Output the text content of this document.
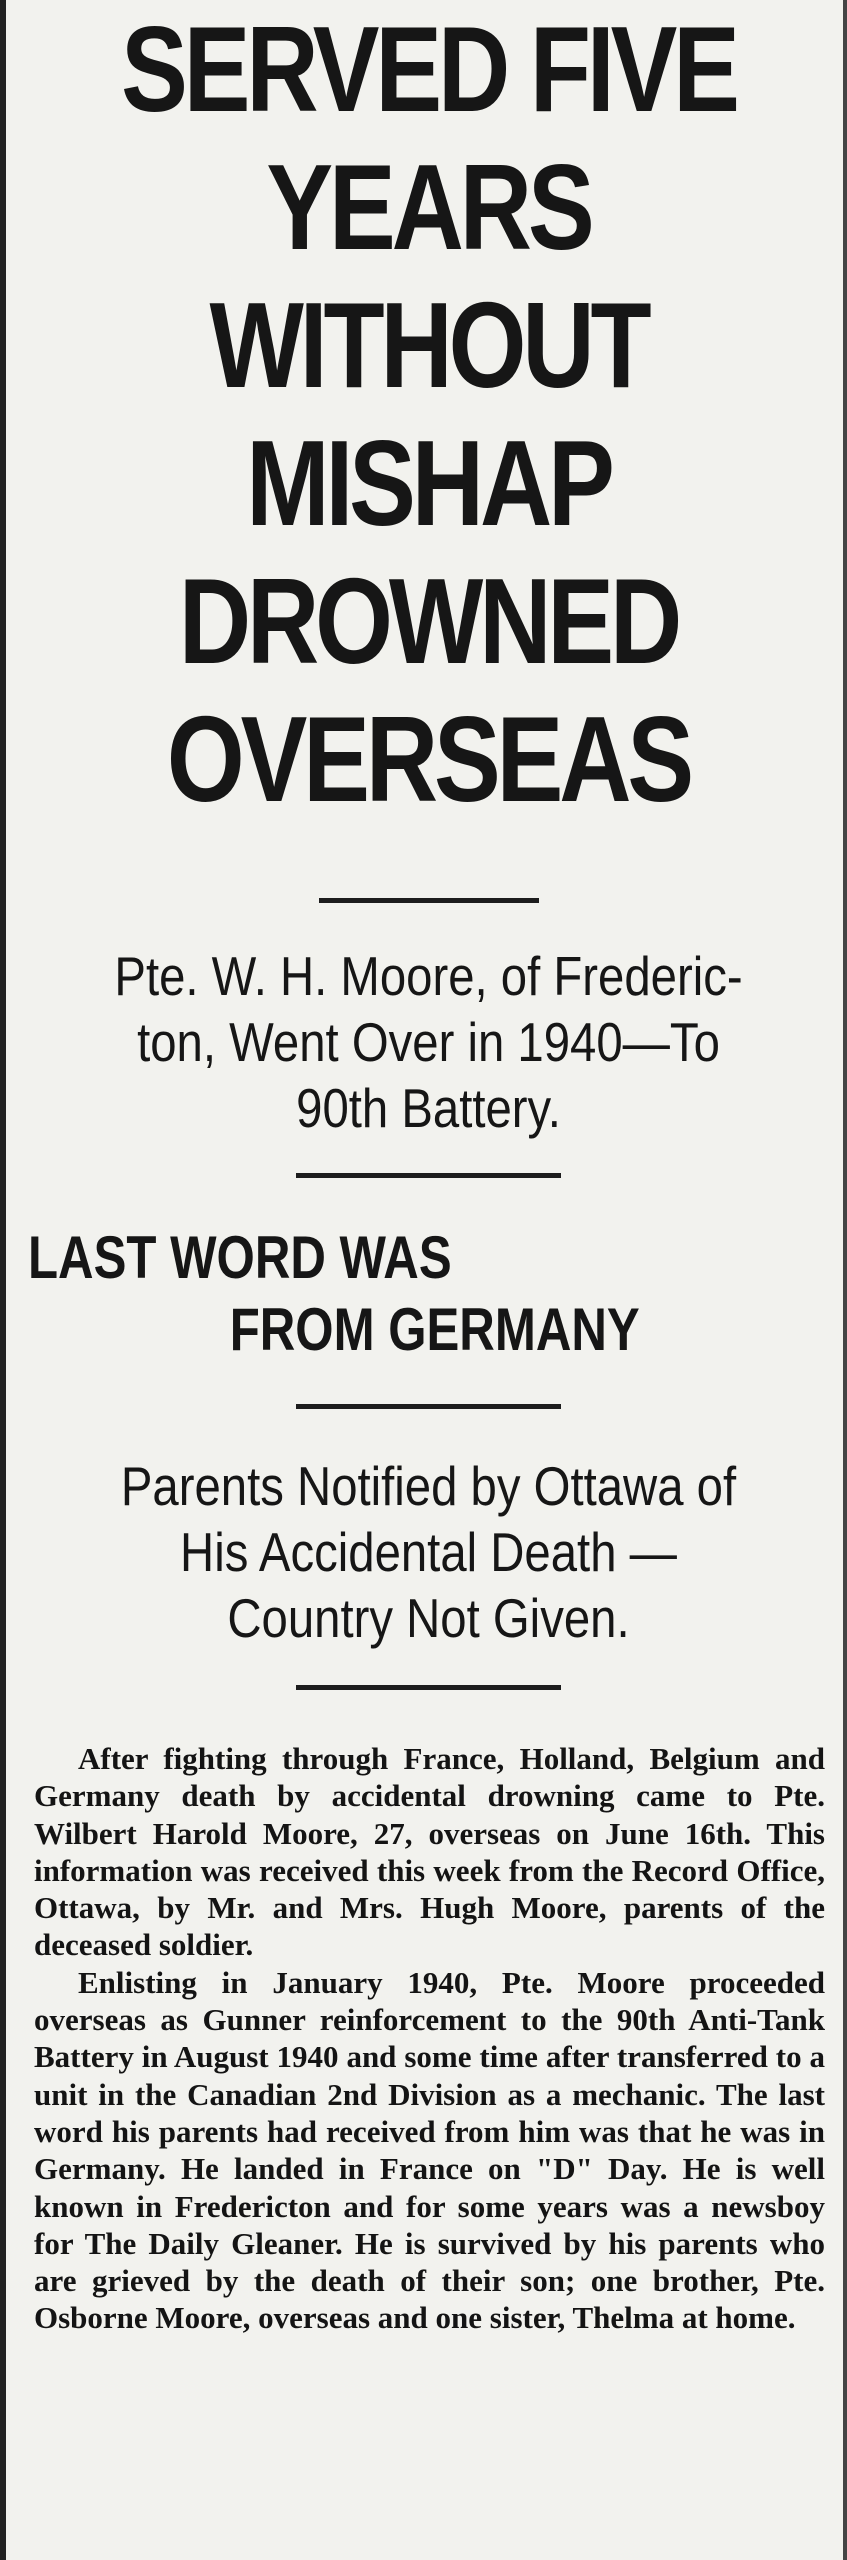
SERVED FIVE YEARS
WITHOUT MISHAP
DROWNED OVERSEAS
Pte. W. H. Moore, of Frederic-
ton, Went Over in 1940—To
90th Battery.
LAST WORD WAS
FROM GERMANY
Parents Notified by Ottawa of
His Accidental Death —
Country Not Given.

After fighting through France, Holland, Belgium and Germany death by accidental drowning came to Pte. Wilbert Harold Moore, 27, overseas on June 16th. This information was received this week from the Record Office, Ottawa, by Mr. and Mrs. Hugh Moore, parents of the deceased soldier.

Enlisting in January 1940, Pte. Moore proceeded overseas as Gunner reinforcement to the 90th Anti-Tank Battery in August 1940 and some time after transferred to a unit in the Canadian 2nd Division as a mechanic. The last word his parents had received from him was that he was in Germany. He landed in France on "D" Day. He is well known in Fredericton and for some years was a newsboy for The Daily Gleaner. He is survived by his parents who are grieved by the death of their son; one brother, Pte. Osborne Moore, overseas and one sister, Thelma at home.
